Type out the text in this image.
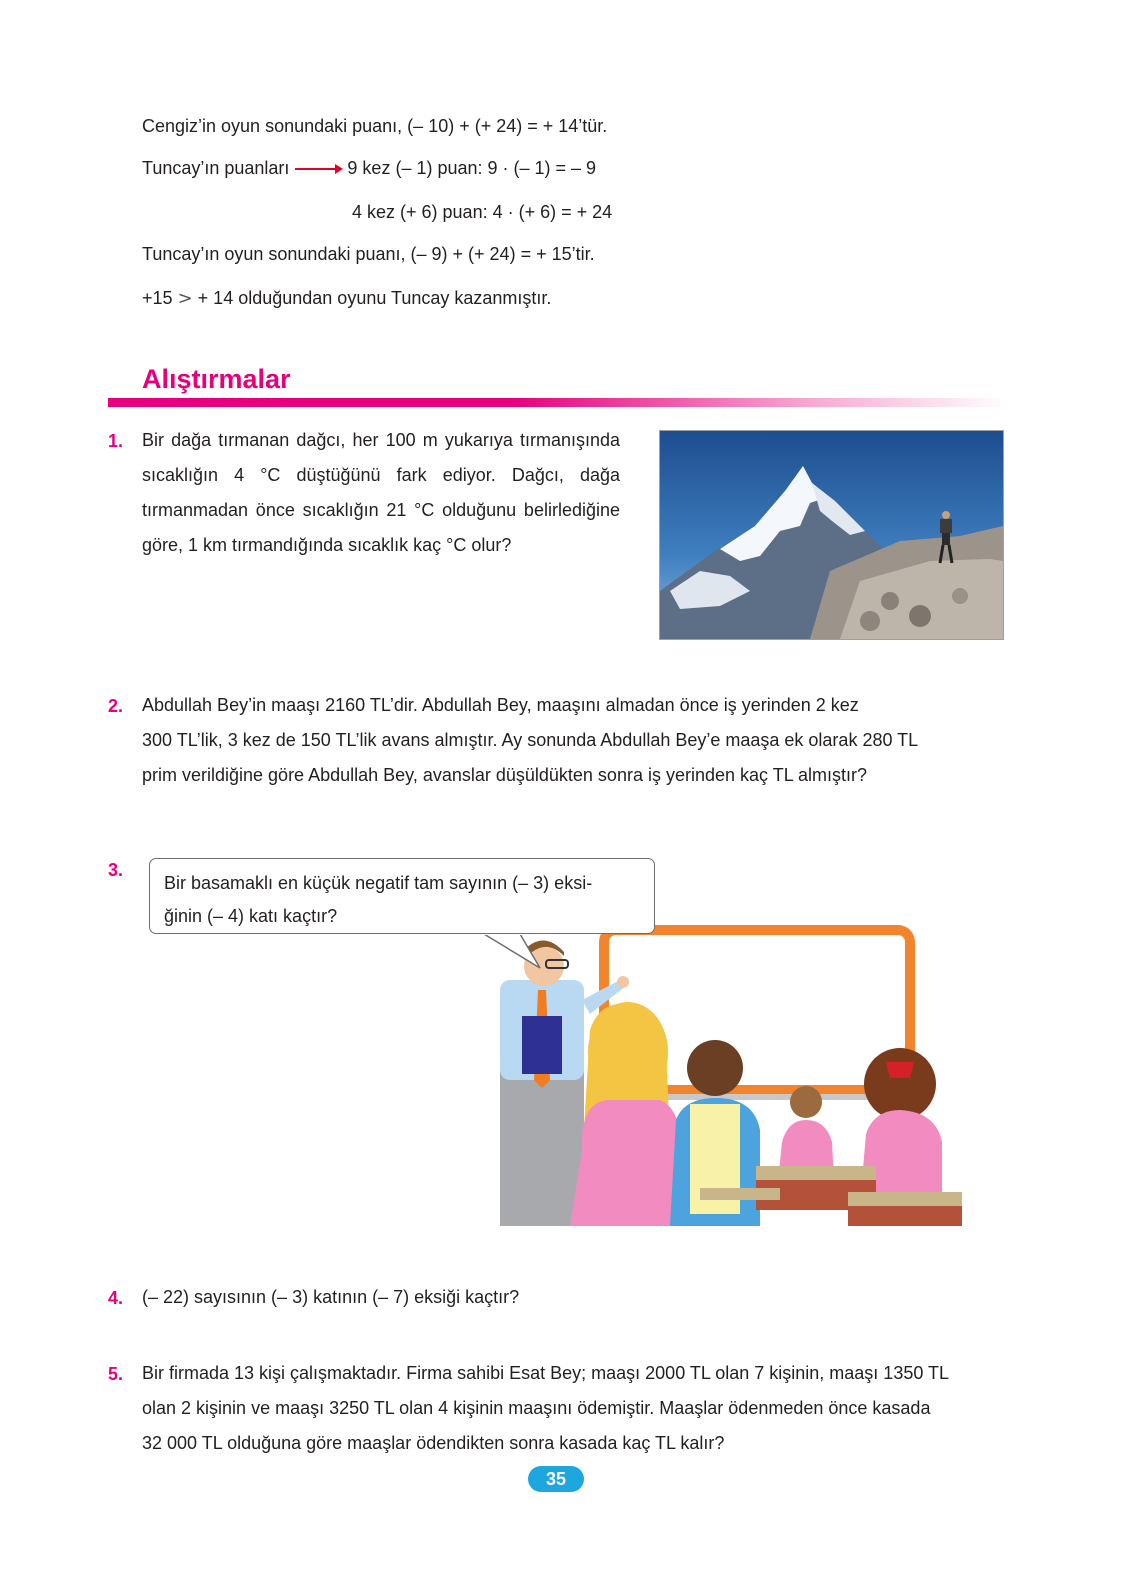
Cengiz’in oyun sonundaki puanı, (– 10) + (+ 24) = + 14’tür.
Tuncay’ın puanları	9 kez (– 1) puan: 9 · (– 1) = – 9
4 kez (+ 6) puan: 4 · (+ 6) = + 24
Tuncay’ın oyun sonundaki puanı, (– 9) + (+ 24) = + 15’tir.
+15 > + 14 olduğundan oyunu Tuncay kazanmıştır.
Alıştırmalar
1. Bir dağa tırmanan dağcı, her 100 m yukarıya tırmanışında sıcaklığın 4 °C düştüğünü fark ediyor. Dağcı, dağa tırmanmadan önce sıcaklığın 21 °C olduğunu belirlediğine göre, 1 km tırmandığında sıcaklık kaç °C olur?
2. Abdullah Bey’in maaşı 2160 TL’dir. Abdullah Bey, maaşını almadan önce iş yerinden 2 kez
300 TL’lik, 3 kez de 150 TL’lik avans almıştır. Ay sonunda Abdullah Bey’e maaşa ek olarak 280 TL
prim verildiğine göre Abdullah Bey, avanslar düşüldükten sonra iş yerinden kaç TL almıştır?
3.
Bir basamaklı en küçük negatif tam sayının (– 3) eksi-
ğinin (– 4) katı kaçtır?
4. (– 22) sayısının (– 3) katının (– 7) eksiği kaçtır?
5. Bir firmada 13 kişi çalışmaktadır. Firma sahibi Esat Bey; maaşı 2000 TL olan 7 kişinin, maaşı 1350 TL
olan 2 kişinin ve maaşı 3250 TL olan 4 kişinin maaşını ödemiştir. Maaşlar ödenmeden önce kasada
32 000 TL olduğuna göre maaşlar ödendikten sonra kasada kaç TL kalır?
35
